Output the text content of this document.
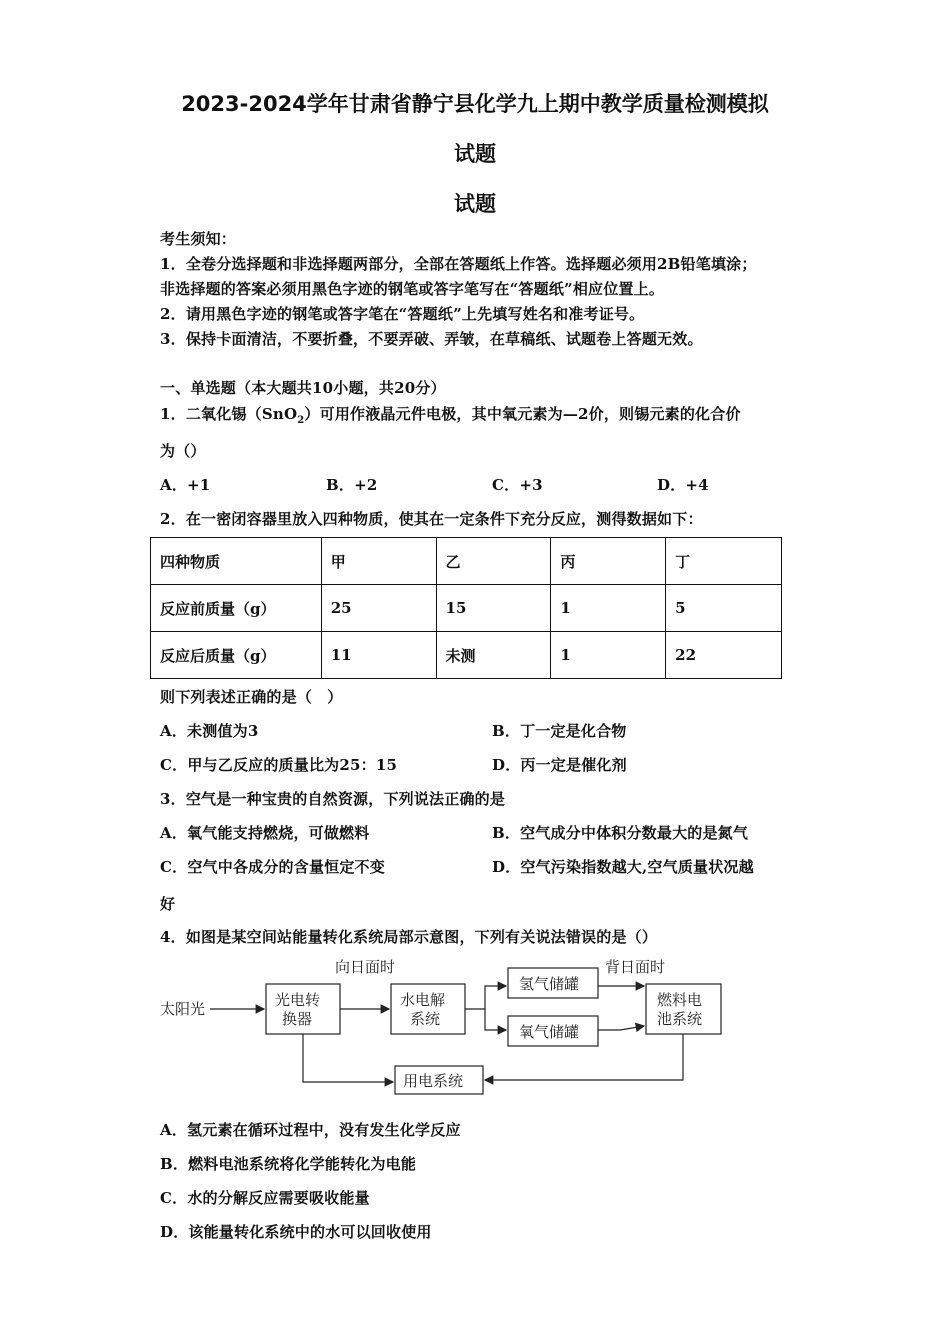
2023-2024学年甘肃省静宁县化学九上期中教学质量检测模拟
试题
试题
考生须知：
1．全卷分选择题和非选择题两部分，全部在答题纸上作答。选择题必须用2B铅笔填涂；
非选择题的答案必须用黑色字迹的钢笔或答字笔写在“答题纸”相应位置上。
2．请用黑色字迹的钢笔或答字笔在“答题纸”上先填写姓名和准考证号。
3．保持卡面清洁，不要折叠，不要弄破、弄皱，在草稿纸、试题卷上答题无效。
一、单选题（本大题共10小题，共20分）
1．二氧化锡（SnO$_2$）可用作液晶元件电极，其中氧元素为—2价，则锡元素的化合价
为（）
A．+1	B．+2	C．+3	D．+4
2．在一密闭容器里放入四种物质，使其在一定条件下充分反应，测得数据如下：
四种物质	甲	乙	丙	丁
反应前质量（g）	25	15	1	5
反应后质量（g）	11	未测	1	22
则下列表述正确的是（　）
A．未测值为3	B．丁一定是化合物
C．甲与乙反应的质量比为25：15	D．丙一定是催化剂
3．空气是一种宝贵的自然资源，下列说法正确的是
A．氧气能支持燃烧，可做燃料	B．空气成分中体积分数最大的是氮气
C．空气中各成分的含量恒定不变	D．空气污染指数越大,空气质量状况越
好
4．如图是某空间站能量转化系统局部示意图，下列有关说法错误的是（）
太阳光	光电转
换器
向日面时
水电解
系统
氢气储罐
氧气储罐
背日面时
燃料电
池系统
用电系统
A．氢元素在循环过程中，没有发生化学反应
B．燃料电池系统将化学能转化为电能
C．水的分解反应需要吸收能量
D．该能量转化系统中的水可以回收使用
